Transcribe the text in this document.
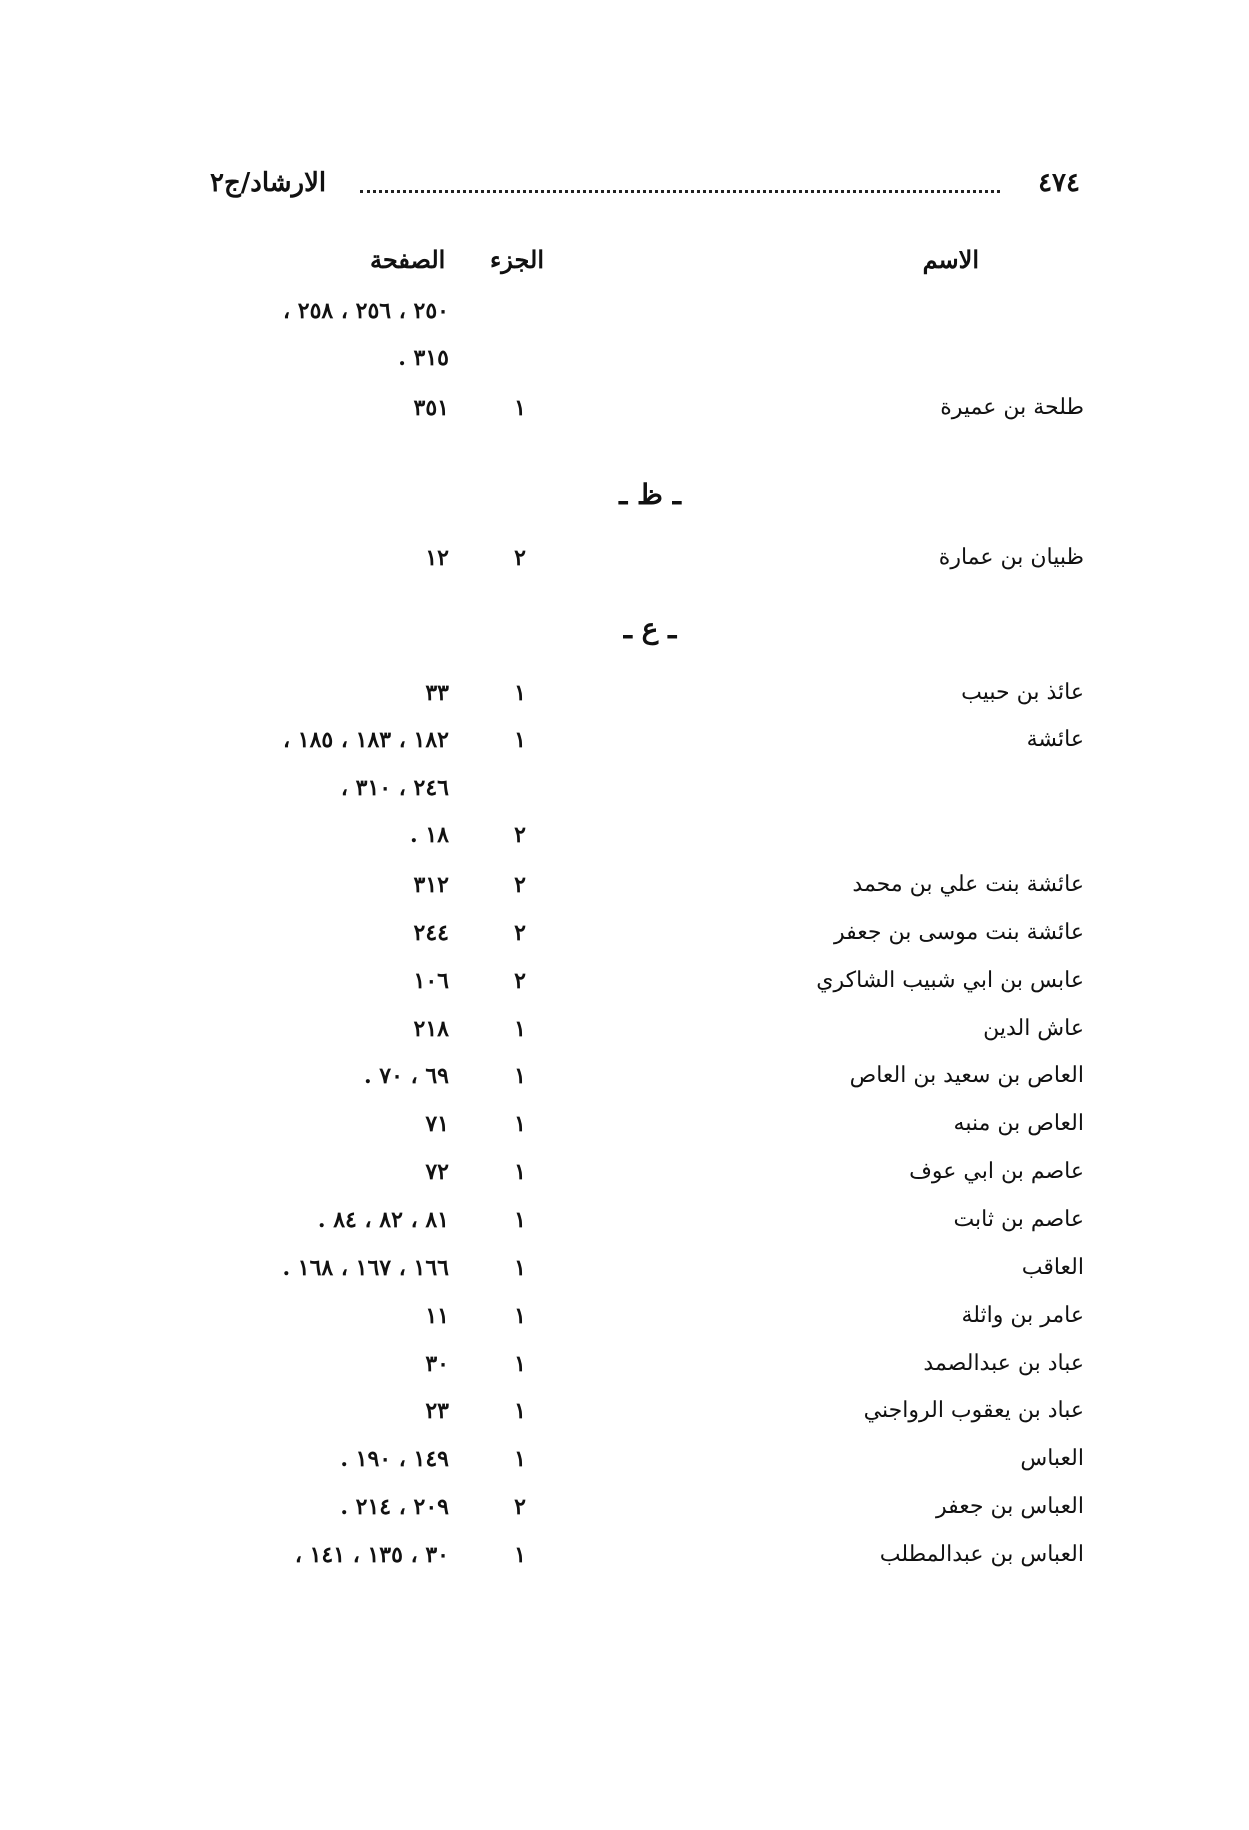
٤٧٤
الارشاد/ج٢
الاسم
الجزء
الصفحة
٢٥٠ ، ٢٥٦ ، ٢٥٨ ،
٣١٥ .
طلحة بن عميرة
١
٣٥١
ـ ظ ـ
ظبيان بن عمارة
٢
١٢
ـ ع ـ
عائذ بن حبيب
١
٣٣
عائشة
١
١٨٢ ، ١٨٣ ، ١٨٥ ،
٢٤٦ ، ٣١٠ ،
٢
١٨ .
عائشة بنت علي بن محمد
٢
٣١٢
عائشة بنت موسى بن جعفر
٢
٢٤٤
عابس بن ابي شبيب الشاكري
٢
١٠٦
عاش الدين
١
٢١٨
العاص بن سعيد بن العاص
١
٦٩ ، ٧٠ .
العاص بن منبه
١
٧١
عاصم بن ابي عوف
١
٧٢
عاصم بن ثابت
١
٨١ ، ٨٢ ، ٨٤ .
العاقب
١
١٦٦ ، ١٦٧ ، ١٦٨ .
عامر بن واثلة
١
١١
عباد بن عبدالصمد
١
٣٠
عباد بن يعقوب الرواجني
١
٢٣
العباس
١
١٤٩ ، ١٩٠ .
العباس بن جعفر
٢
٢٠٩ ، ٢١٤ .
العباس بن عبدالمطلب
١
٣٠ ، ١٣٥ ، ١٤١ ،
